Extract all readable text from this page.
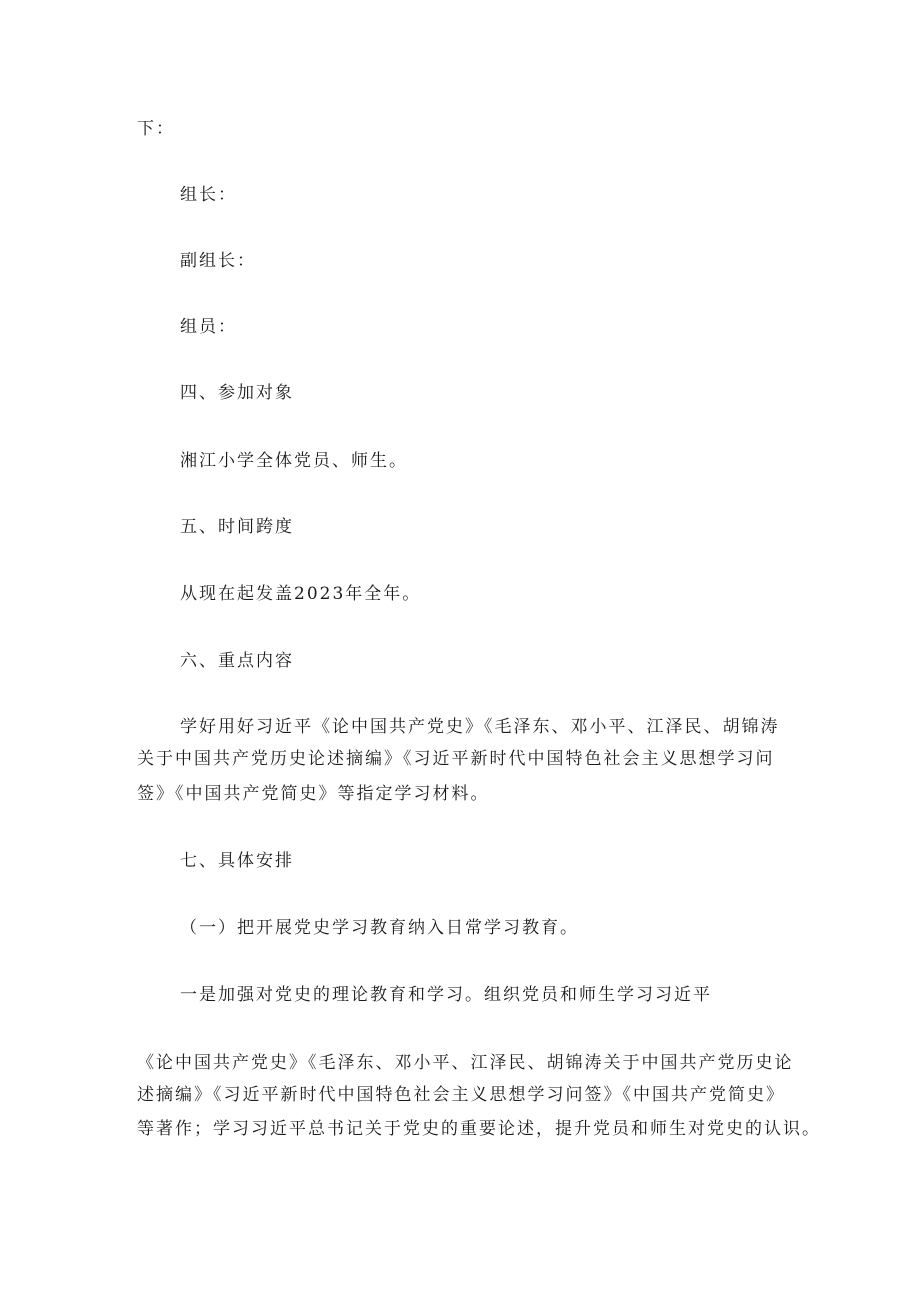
下：
组长：
副组长：
组员：
四、参加对象
湘江小学全体党员、师生。
五、时间跨度
从现在起发盖2023年全年。
六、重点内容
学好用好习近平《论中国共产党史》《毛泽东、邓小平、江泽民、胡锦涛
关于中国共产党历史论述摘编》《习近平新时代中国特色社会主义思想学习问
签》《中国共产党简史》等指定学习材料。
七、具体安排
（一）把开展党史学习教育纳入日常学习教育。
一是加强对党史的理论教育和学习。组织党员和师生学习习近平
《论中国共产党史》《毛泽东、邓小平、江泽民、胡锦涛关于中国共产党历史论
述摘编》《习近平新时代中国特色社会主义思想学习问签》《中国共产党简史》
等著作；学习习近平总书记关于党史的重要论述，提升党员和师生对党史的认识。
